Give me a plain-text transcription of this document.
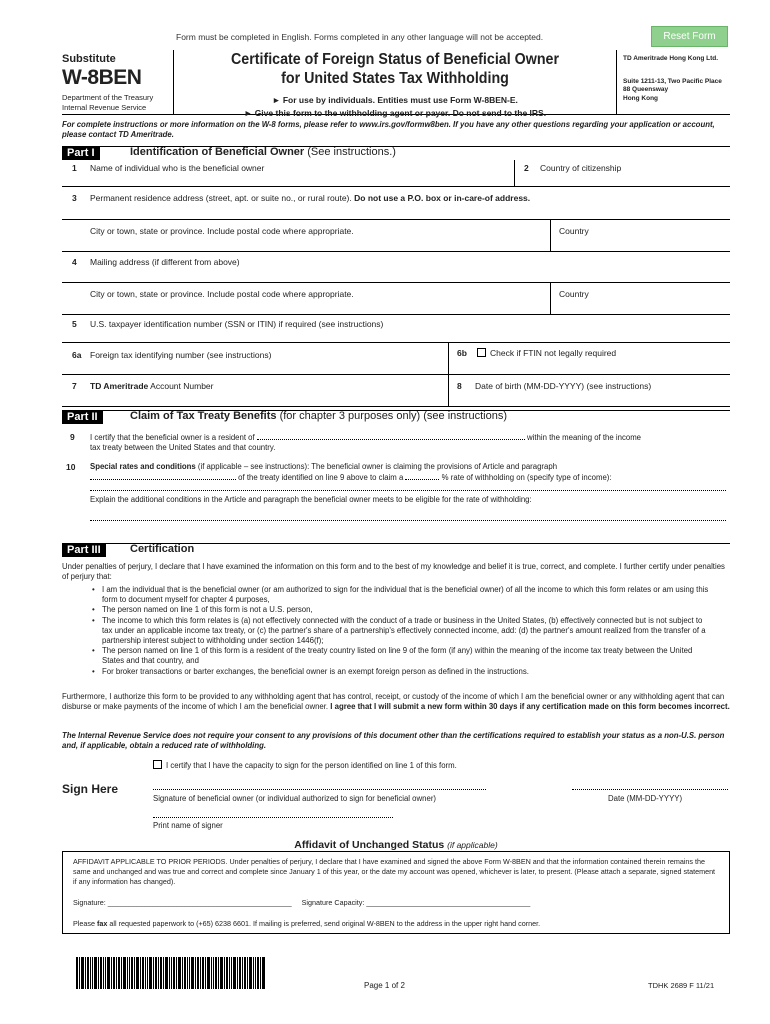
Form must be completed in English. Forms completed in any other language will not be accepted.	Reset Form
Substitute
W-8BEN
Department of the Treasury
Internal Revenue Service
Certificate of Foreign Status of Beneficial Owner
for United States Tax Withholding
► For use by individuals. Entities must use Form W-8BEN-E.
► Give this form to the withholding agent or payer. Do not send to the IRS.
TD Ameritrade Hong Kong Ltd.
Suite 1211-13, Two Pacific Place
88 Queensway
Hong Kong
For complete instructions or more information on the W-8 forms, please refer to www.irs.gov/formw8ben. If you have any other questions regarding your application or account, please contact TD Ameritrade.
Part I	Identification of Beneficial Owner (See instructions.)
1 Name of individual who is the beneficial owner	2 Country of citizenship
3 Permanent residence address (street, apt. or suite no., or rural route). Do not use a P.O. box or in-care-of address.
City or town, state or province. Include postal code where appropriate.	Country
4 Mailing address (if different from above)
City or town, state or province. Include postal code where appropriate.	Country
5 U.S. taxpayer identification number (SSN or ITIN) if required (see instructions)
6a Foreign tax identifying number (see instructions)	6b	Check if FTIN not legally required
7 TD Ameritrade Account Number	8 Date of birth (MM-DD-YYYY) (see instructions)
Part II	Claim of Tax Treaty Benefits (for chapter 3 purposes only) (see instructions)
9	I certify that the beneficial owner is a resident of	within the meaning of the income
tax treaty between the United States and that country.
10	Special rates and conditions (if applicable – see instructions): The beneficial owner is claiming the provisions of Article and paragraph
of the treaty identified on line 9 above to claim a	% rate of withholding on (specify type of income):

Explain the additional conditions in the Article and paragraph the beneficial owner meets to be eligible for the rate of withholding:

Part III	Certification
Under penalties of perjury, I declare that I have examined the information on this form and to the best of my knowledge and belief it is true, correct, and complete. I further certify under penalties of perjury that:
• I am the individual that is the beneficial owner (or am authorized to sign for the individual that is the beneficial owner) of all the income to which this form relates or am using this form to document myself for chapter 4 purposes,
• The person named on line 1 of this form is not a U.S. person,
• The income to which this form relates is (a) not effectively connected with the conduct of a trade or business in the United States, (b) effectively connected but is not subject to tax under an applicable income tax treaty, or (c) the partner's share of a partnership's effectively connected income, add: (d) the partner's amount realized from the transfer of a partnership interest subject to withholding under section 1446(f);
• The person named on line 1 of this form is a resident of the treaty country listed on line 9 of the form (if any) within the meaning of the income tax treaty between the United States and that country, and
• For broker transactions or barter exchanges, the beneficial owner is an exempt foreign person as defined in the instructions.
Furthermore, I authorize this form to be provided to any withholding agent that has control, receipt, or custody of the income of which I am the beneficial owner or any withholding agent that can disburse or make payments of the income of which I am the beneficial owner. I agree that I will submit a new form within 30 days if any certification made on this form becomes incorrect.
The Internal Revenue Service does not require your consent to any provisions of this document other than the certifications required to establish your status as a non-U.S. person and, if applicable, obtain a reduced rate of withholding.
I certify that I have the capacity to sign for the person identified on line 1 of this form.
Sign Here
Signature of beneficial owner (or individual authorized to sign for beneficial owner)	Date (MM-DD-YYYY)
Print name of signer
Affidavit of Unchanged Status (if applicable)
AFFIDAVIT APPLICABLE TO PRIOR PERIODS. Under penalties of perjury, I declare that I have examined and signed the above Form W-8BEN and that the information contained therein remains the same and unchanged and was true and correct and complete since January 1 of this year, or the date my account was opened, whichever is later, to present. (Please attach a separate, signed statement if any information has changed).
Signature: ______________________________________________ Signature Capacity: _________________________________________
Please fax all requested paperwork to (+65) 6238 6601. If mailing is preferred, send original W-8BEN to the address in the upper right hand corner.
Page 1 of 2	TDHK 2689 F 11/21
